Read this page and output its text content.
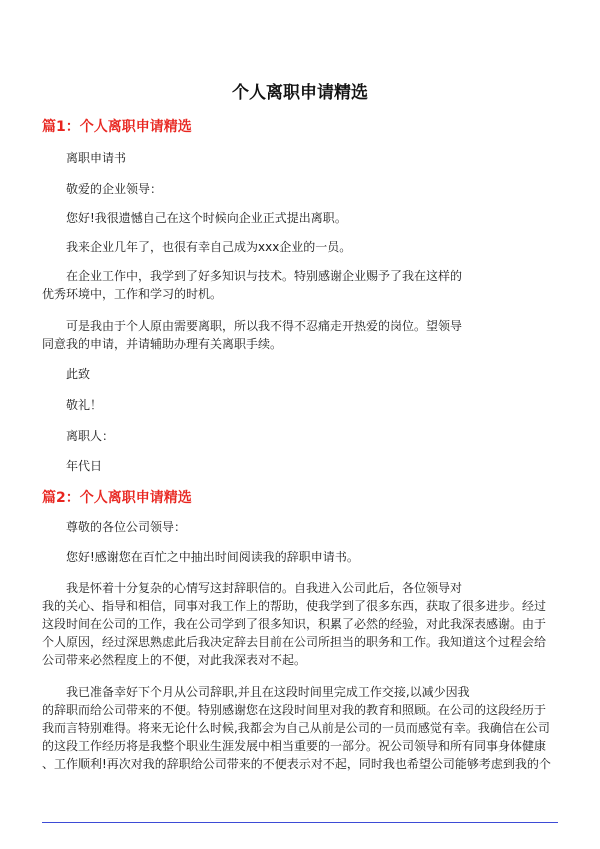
个人离职申请精选
篇1：个人离职申请精选
离职申请书
敬爱的企业领导：
您好!我很遗憾自己在这个时候向企业正式提出离职。
我来企业几年了，也很有幸自己成为xxx企业的一员。
在企业工作中，我学到了好多知识与技术。特别感谢企业赐予了我在这样的
优秀环境中，工作和学习的时机。
可是我由于个人原由需要离职，所以我不得不忍痛走开热爱的岗位。望领导
同意我的申请，并请辅助办理有关离职手续。
此致
敬礼！
离职人：
年代日
篇2：个人离职申请精选
尊敬的各位公司领导：
您好!感谢您在百忙之中抽出时间阅读我的辞职申请书。
我是怀着十分复杂的心情写这封辞职信的。自我进入公司此后，各位领导对
我的关心、指导和相信，同事对我工作上的帮助，使我学到了很多东西，获取了很多进步。经过
这段时间在公司的工作，我在公司学到了很多知识，积累了必然的经验，对此我深表感谢。由于
个人原因，经过深思熟虑此后我决定辞去目前在公司所担当的职务和工作。我知道这个过程会给
公司带来必然程度上的不便，对此我深表对不起。
我已准备幸好下个月从公司辞职,并且在这段时间里完成工作交接,以减少因我
的辞职而给公司带来的不便。特别感谢您在这段时间里对我的教育和照顾。在公司的这段经历于
我而言特别难得。将来无论什么时候,我都会为自己从前是公司的一员而感觉有幸。我确信在公司
的这段工作经历将是我整个职业生涯发展中相当重要的一部分。祝公司领导和所有同事身体健康
、工作顺利!再次对我的辞职给公司带来的不便表示对不起，同时我也希望公司能够考虑到我的个
